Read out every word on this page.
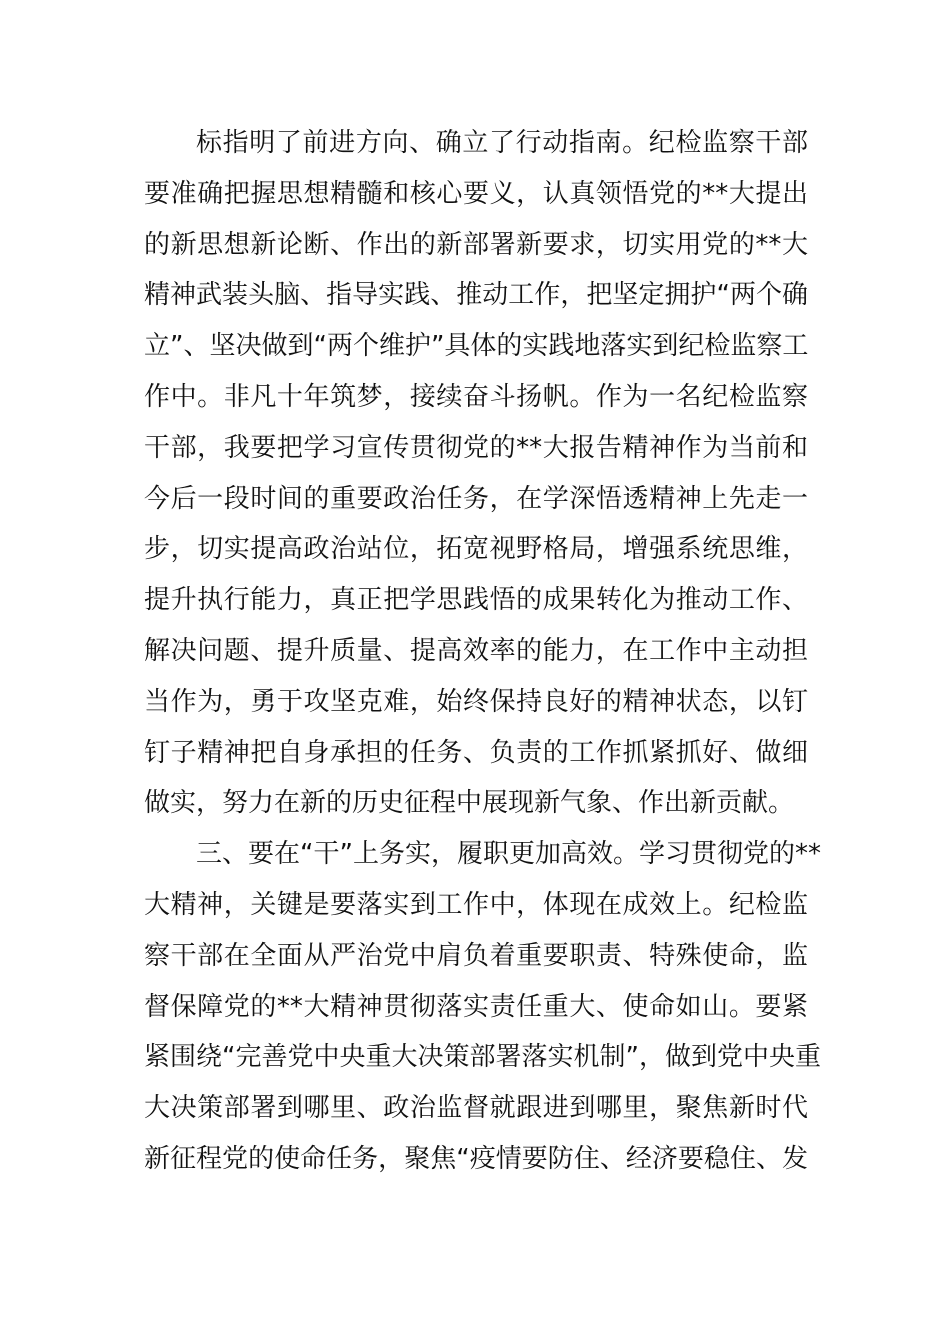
标指明了前进方向、确立了行动指南。纪检监察干部
要准确把握思想精髓和核心要义，认真领悟党的**大提出
的新思想新论断、作出的新部署新要求，切实用党的**大
精神武装头脑、指导实践、推动工作，把坚定拥护“两个确
立”、坚决做到“两个维护”具体的实践地落实到纪检监察工
作中。非凡十年筑梦，接续奋斗扬帆。作为一名纪检监察
干部，我要把学习宣传贯彻党的**大报告精神作为当前和
今后一段时间的重要政治任务，在学深悟透精神上先走一
步，切实提高政治站位，拓宽视野格局，增强系统思维，
提升执行能力，真正把学思践悟的成果转化为推动工作、
解决问题、提升质量、提高效率的能力，在工作中主动担
当作为，勇于攻坚克难，始终保持良好的精神状态，以钉
钉子精神把自身承担的任务、负责的工作抓紧抓好、做细
做实，努力在新的历史征程中展现新气象、作出新贡献。
三、要在“干”上务实，履职更加高效。学习贯彻党的**
大精神，关键是要落实到工作中，体现在成效上。纪检监
察干部在全面从严治党中肩负着重要职责、特殊使命，监
督保障党的**大精神贯彻落实责任重大、使命如山。要紧
紧围绕“完善党中央重大决策部署落实机制”，做到党中央重
大决策部署到哪里、政治监督就跟进到哪里，聚焦新时代
新征程党的使命任务，聚焦“疫情要防住、经济要稳住、发
